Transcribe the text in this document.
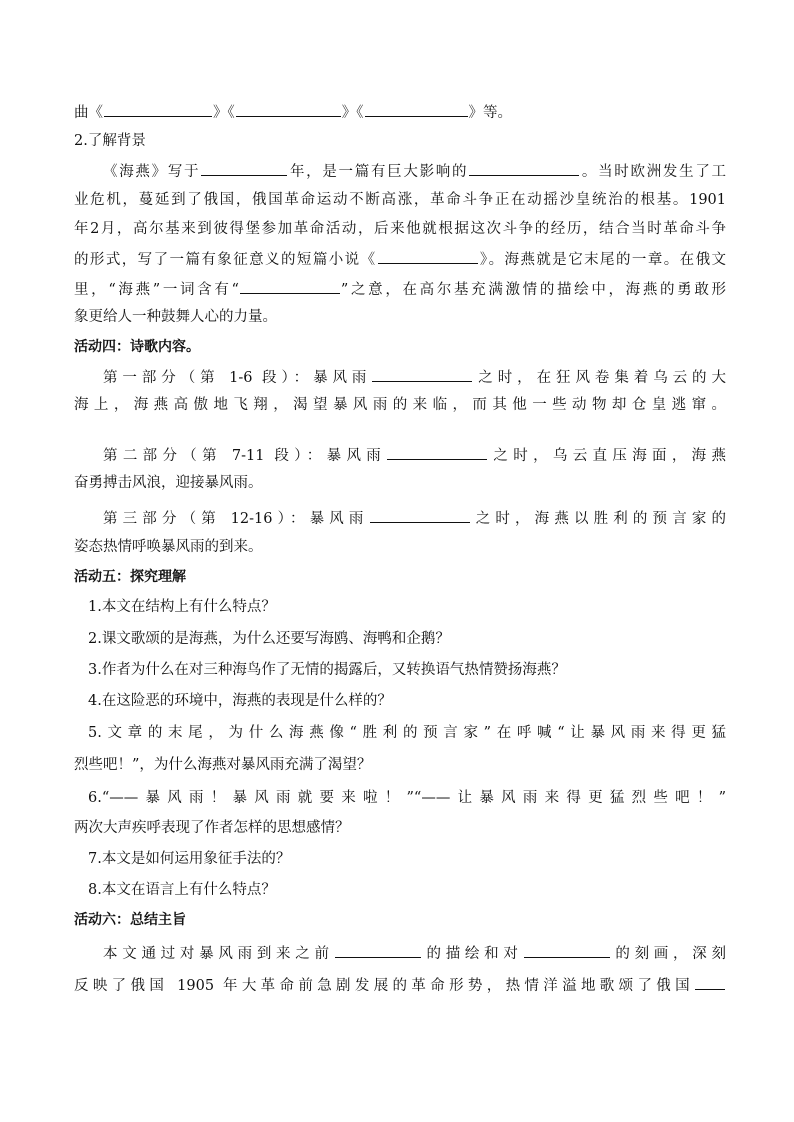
曲《	》《	》《	》等。
2.了解背景
《海燕》写于	年，是一篇有巨大影响的	。当时欧洲发生了工
业危机，蔓延到了俄国，俄国革命运动不断高涨，革命斗争正在动摇沙皇统治的根基。1901
年2月，高尔基来到彼得堡参加革命活动，后来他就根据这次斗争的经历，结合当时革命斗争
的形式，写了一篇有象征意义的短篇小说《	》。海燕就是它末尾的一章。在俄文
里，“海燕”一词含有“	”之意，在高尔基充满激情的描绘中，海燕的勇敢形
象更给人一种鼓舞人心的力量。
活动四：诗歌内容。
第一部分（第 1-6 段）：暴风雨	之时，在狂风卷集着乌云的大
海上，海燕高傲地飞翔，渴望暴风雨的来临，而其他一些动物却仓皇逃窜。
第二部分（第 7-11 段）：暴风雨	之时，乌云直压海面，海燕
奋勇搏击风浪，迎接暴风雨。
第三部分（第 12-16）：暴风雨	之时，海燕以胜利的预言家的
姿态热情呼唤暴风雨的到来。
活动五：探究理解
1.本文在结构上有什么特点？
2.课文歌颂的是海燕，为什么还要写海鸥、海鸭和企鹅？
3.作者为什么在对三种海鸟作了无情的揭露后，又转换语气热情赞扬海燕？
4.在这险恶的环境中，海燕的表现是什么样的？
5.文章的末尾，为什么海燕像“胜利的预言家”在呼喊“让暴风雨来得更猛
烈些吧！”，为什么海燕对暴风雨充满了渴望？
6.“——暴风雨！暴风雨就要来啦！”“——让暴风雨来得更猛烈些吧！”
两次大声疾呼表现了作者怎样的思想感情？
7.本文是如何运用象征手法的？
8.本文在语言上有什么特点？
活动六：总结主旨
本文通过对暴风雨到来之前	的描绘和对	的刻画，深刻
反映了俄国 1905 年大革命前急剧发展的革命形势，热情洋溢地歌颂了俄国
